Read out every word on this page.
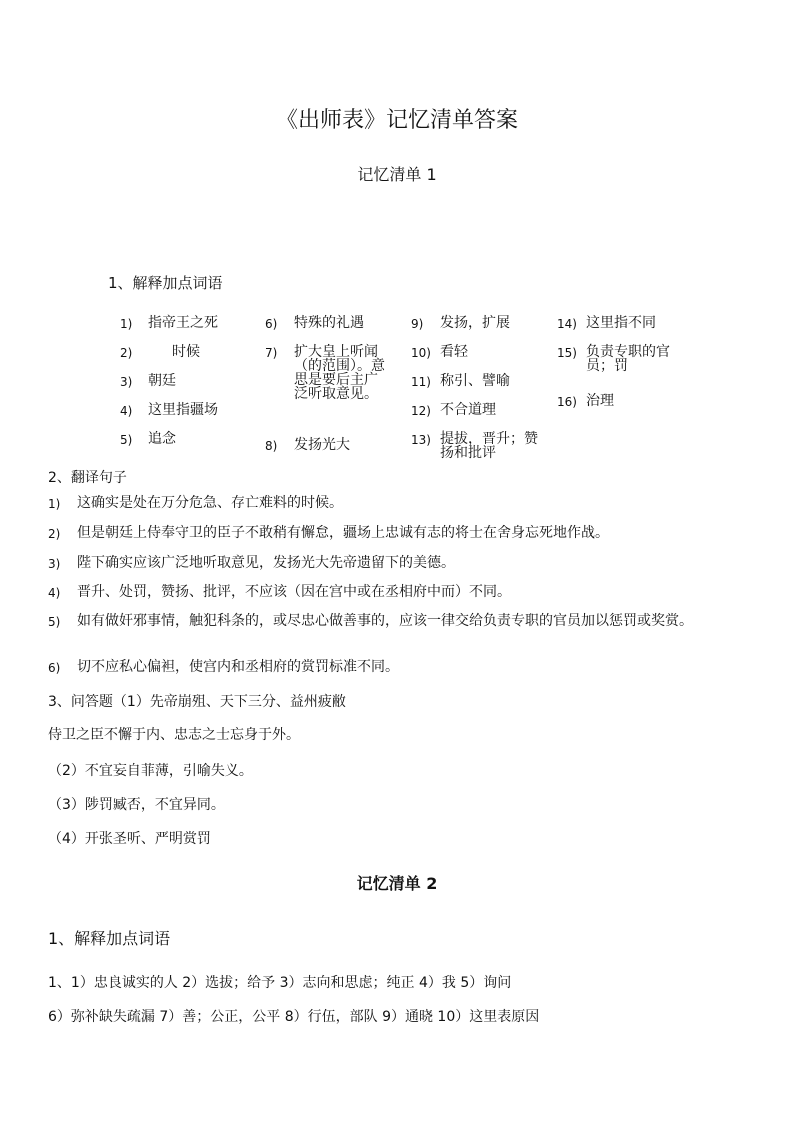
《出师表》记忆清单答案
记忆清单 1
1、解释加点词语
1) 指帝王之死
2)	时候
3) 朝廷
4) 这里指疆场
5) 追念
6) 特殊的礼遇
7) 扩大皇上听闻（的范围）。意思是要后主广泛听取意见。
8) 发扬光大
9) 发扬，扩展
10) 看轻
11) 称引、譬喻
12) 不合道理
13) 提拔，晋升；赞扬和批评
14) 这里指不同
15) 负责专职的官员；罚
16) 治理
2、翻译句子
1) 这确实是处在万分危急、存亡难料的时候。
2) 但是朝廷上侍奉守卫的臣子不敢稍有懈怠，疆场上忠诚有志的将士在舍身忘死地作战。
3) 陛下确实应该广泛地听取意见，发扬光大先帝遗留下的美德。
4) 晋升、处罚，赞扬、批评，不应该（因在宫中或在丞相府中而）不同。
5) 如有做奸邪事情，触犯科条的，或尽忠心做善事的，应该一律交给负责专职的官员加以惩罚或奖赏。
6) 切不应私心偏袒，使宫内和丞相府的赏罚标准不同。
3、问答题（1）先帝崩殂、天下三分、益州疲敝
侍卫之臣不懈于内、忠志之士忘身于外。
（2）不宜妄自菲薄，引喻失义。
（3）陟罚臧否，不宜异同。
（4）开张圣听、严明赏罚
记忆清单 2
1、解释加点词语
1、1）忠良诚实的人 2）选拔；给予 3）志向和思虑；纯正 4）我 5）询问
6）弥补缺失疏漏 7）善；公正，公平 8）行伍，部队 9）通晓 10）这里表原因
